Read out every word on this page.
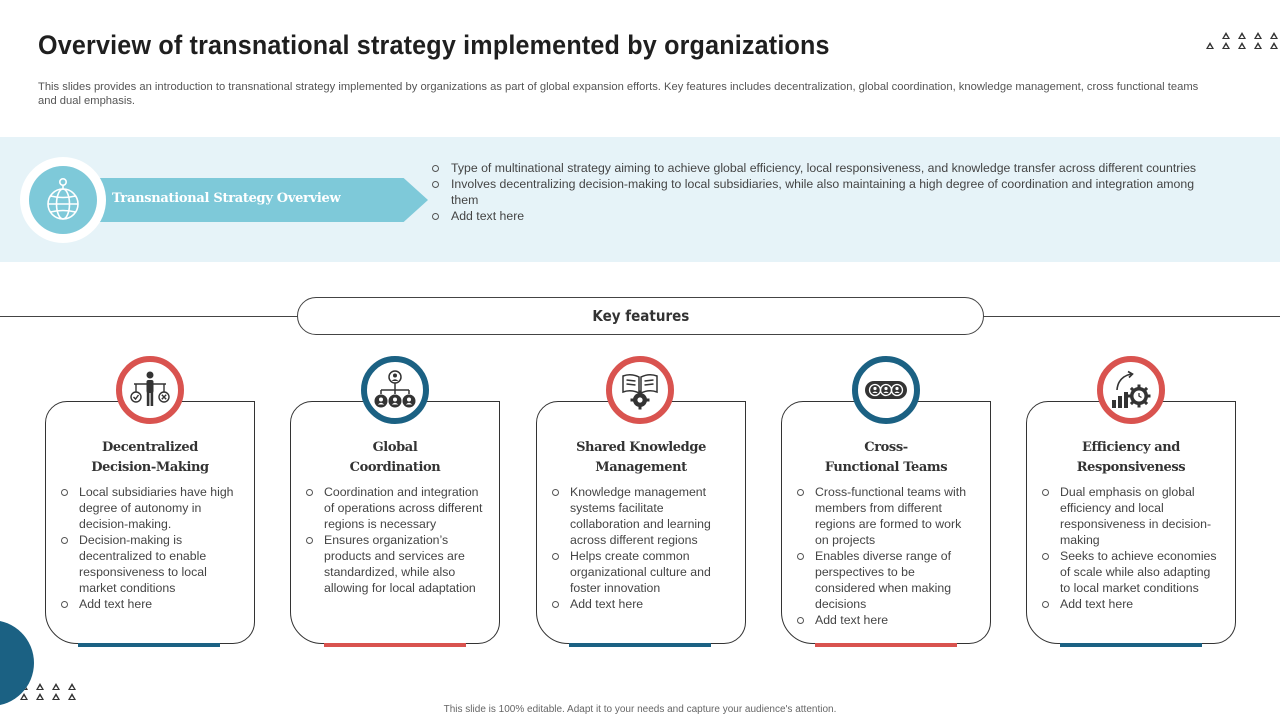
Overview of transnational strategy implemented by organizations
This slides provides an introduction to transnational strategy implemented by organizations as part of global expansion efforts. Key features includes decentralization, global coordination, knowledge management, cross functional teams and dual emphasis.
Transnational Strategy Overview
Type of multinational strategy aiming to achieve global efficiency, local responsiveness, and knowledge transfer across different countries
Involves decentralizing decision-making to local subsidiaries, while also maintaining a high degree of coordination and integration among them
Add text here
Key features
Decentralized
Decision-Making
Local subsidiaries have high degree of autonomy in decision-making.
Decision-making is decentralized to enable responsiveness to local market conditions
Add text here
Global
Coordination
Coordination and integration of operations across different regions is necessary
Ensures organization’s products and services are standardized, while also allowing for local adaptation
Shared Knowledge
Management
Knowledge management systems facilitate collaboration and learning across different regions
Helps create common organizational culture and foster innovation
Add text here
Cross-
Functional Teams
Cross-functional teams with members from different regions are formed to work on projects
Enables diverse range of perspectives to be considered when making decisions
Add text here
Efficiency and
Responsiveness
Dual emphasis on global efficiency and local responsiveness in decision-making
Seeks to achieve economies of scale while also adapting to local market conditions
Add text here
This slide is 100% editable. Adapt it to your needs and capture your audience's attention.
